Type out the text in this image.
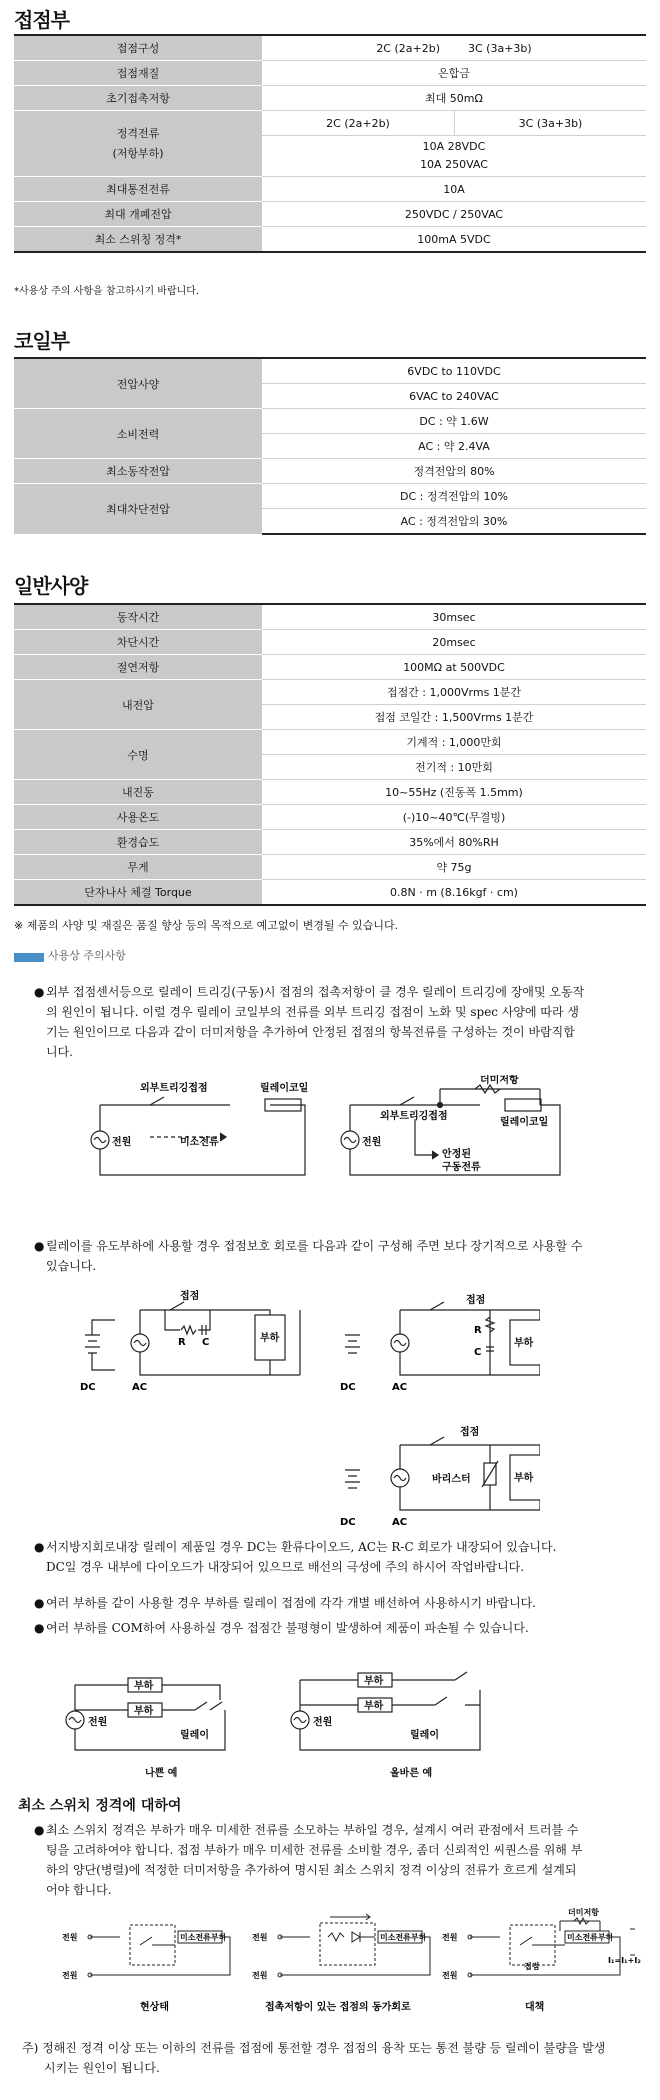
접점부
접점구성	2C (2a+2b)        3C (3a+3b)	
접점재질	은합금	
초기접촉저항	최대 50mΩ	
정격전류
(저항부하)	2C (2a+2b)	3C (3a+3b)
	10A 28VDC
10A 250VAC	
최대통전전류	10A	
최대 개폐전압	250VDC / 250VAC	
최소 스위칭 정격*	100mA 5VDC	
*사용상 주의 사항을 참고하시기 바랍니다.
코일부
전압사양	6VDC to 110VDC
	6VAC to 240VAC
소비전력	DC : 약 1.6W
	AC : 약 2.4VA
최소동작전압	정격전압의 80%
최대차단전압	DC : 정격전압의 10%
	AC : 정격전압의 30%
일반사양
동작시간	30msec
차단시간	20msec
절연저항	100MΩ at 500VDC
내전압	접점간 : 1,000Vrms 1분간
	접점 코일간 : 1,500Vrms 1분간
수명	기계적 : 1,000만회
	전기적 : 10만회
내진동	10~55Hz (진동폭 1.5mm)
사용온도	(-)10~40℃(무결빙)
환경습도	35%에서 80%RH
무게	약 75g
단자나사 체결 Torque	0.8N · m (8.16kgf · cm)
※ 제품의 사양 및 재질은 품질 향상 등의 목적으로 예고없이 변경될 수 있습니다.
사용상 주의사항
● 외부 접점센서등으로 릴레이 트리깅(구동)시 접점의 접촉저항이 클 경우 릴레이 트리깅에 장애및 오동작
의 원인이 됩니다. 이럴 경우 릴레이 코일부의 전류를 외부 트리깅 접점이 노화 및 spec 사양에 따라 생
기는 원인이므로 다음과 같이 더미저항을 추가하여 안정된 접점의 항복전류를 구성하는 것이 바람직합
니다.
외부트리깅접점	릴레이코일
미소전류
전원
더미저항
외부트리깅접점
릴레이코일
전원
안정된
구동전류
● 릴레이를 유도부하에 사용할 경우 접점보호 회로를 다음과 같이 구성해 주면 보다 장기적으로 사용할 수
있습니다.
접점
R C	부하
DC	AC
접점
R
C
부하
DC	AC
접점
바리스터	부하
DC	AC
● 서지방지회로내장 릴레이 제품일 경우 DC는 환류다이오드, AC는 R-C 회로가 내장되어 있습니다.
DC일 경우 내부에 다이오드가 내장되어 있으므로 배선의 극성에 주의 하시어 작업바랍니다.
● 여러 부하를 같이 사용할 경우 부하를 릴레이 접점에 각각 개별 배선하여 사용하시기 바랍니다.
● 여러 부하를 COM하여 사용하실 경우 접점간 불평형이 발생하여 제품이 파손될 수 있습니다.
부하
부하
전원
릴레이
부하
부하
전원
릴레이
나쁜 예	올바른 예
최소 스위치 정격에 대하여
● 최소 스위치 정격은 부하가 매우 미세한 전류를 소모하는 부하일 경우, 설계시 여러 관점에서 트러블 수
팅을 고려하여야 합니다. 접점 부하가 매우 미세한 전류를 소비할 경우, 좀더 신뢰적인 씨퀀스를 위해 부
하의 양단(병렬)에 적정한 더미저항을 추가하여 명시된 최소 스위치 정격 이상의 전류가 흐르게 설계되
어야 합니다.
전원
전원
미소전류부하	전원
전원
미소전류부하 전원
전원
미소전류부하
더미저항
접점
I₁=I₁+I₂
현상태	접촉저항이 있는 접점의 동가회로	대책
주) 정해진 정격 이상 또는 이하의 전류를 접점에 통전할 경우 접점의 융착 또는 통전 불량 등 릴레이 불량을 발생
시키는 원인이 됩니다.
